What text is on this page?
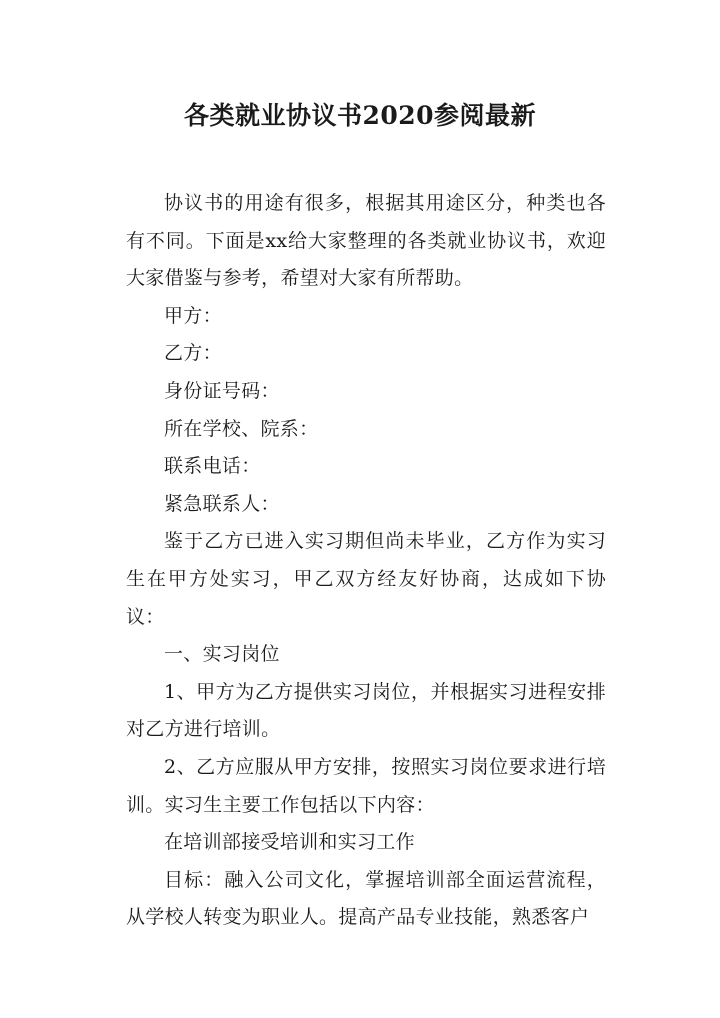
各类就业协议书2020参阅最新

协议书的用途有很多，根据其用途区分，种类也各有不同。下面是xx给大家整理的各类就业协议书，欢迎大家借鉴与参考，希望对大家有所帮助。

甲方：

乙方：

身份证号码：

所在学校、院系：

联系电话：

紧急联系人：

鉴于乙方已进入实习期但尚未毕业，乙方作为实习生在甲方处实习，甲乙双方经友好协商，达成如下协议：

一、实习岗位

1、甲方为乙方提供实习岗位，并根据实习进程安排对乙方进行培训。

2、乙方应服从甲方安排，按照实习岗位要求进行培训。实习生主要工作包括以下内容：

在培训部接受培训和实习工作

目标：融入公司文化，掌握培训部全面运营流程，从学校人转变为职业人。提高产品专业技能，熟悉客户
